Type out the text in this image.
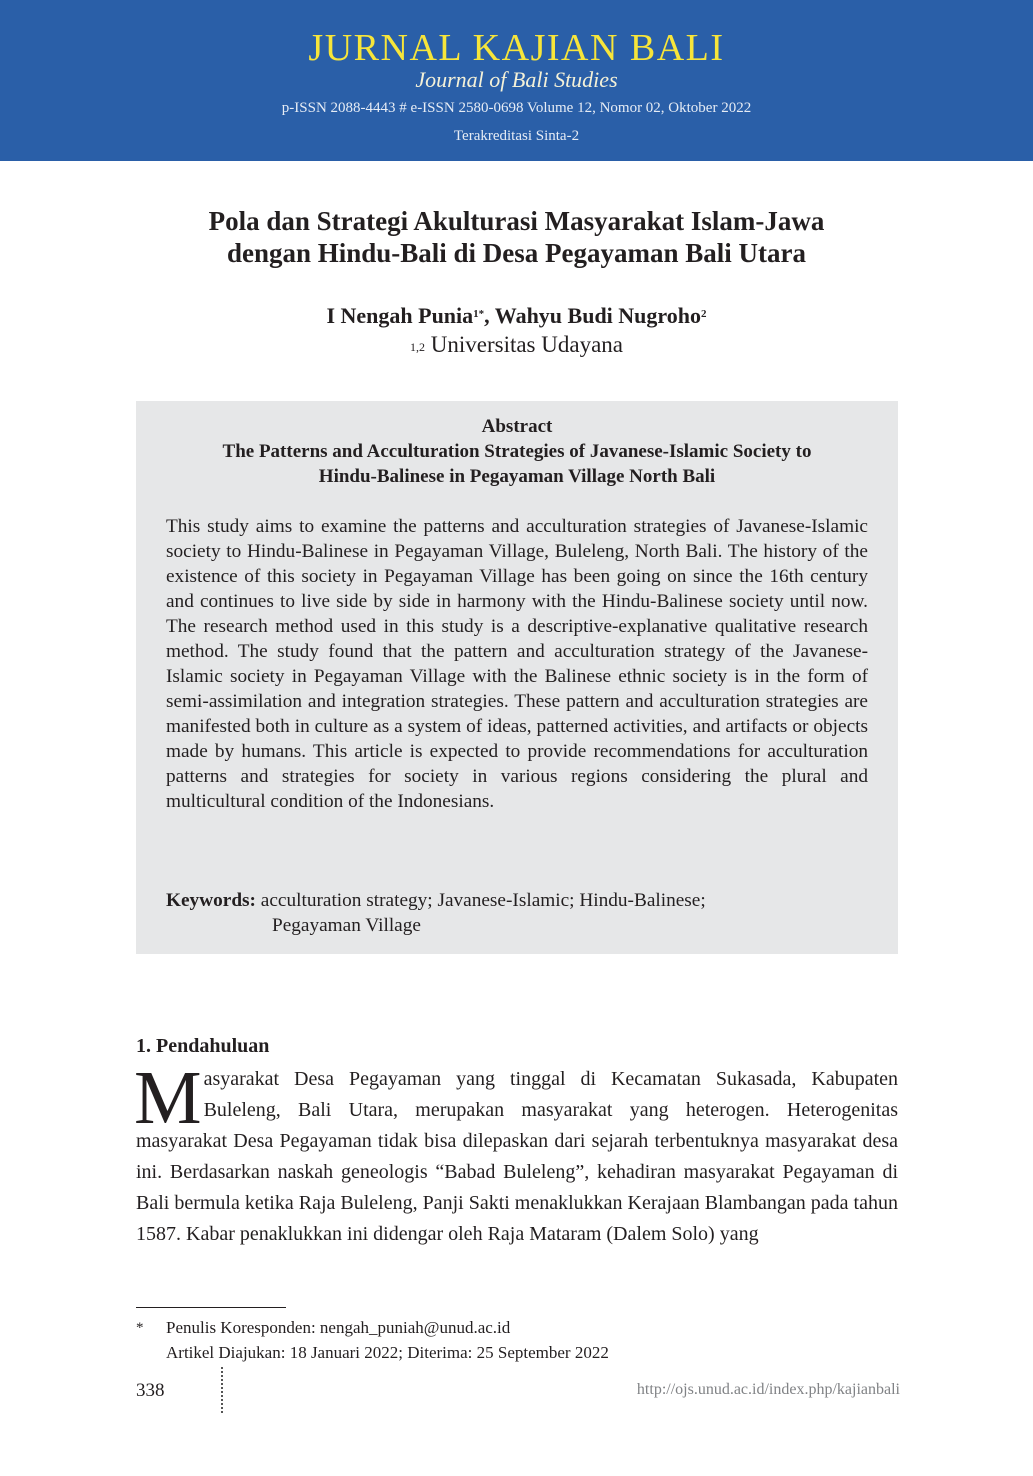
JURNAL KAJIAN BALI
Journal of Bali Studies
p-ISSN 2088-4443 # e-ISSN 2580-0698 Volume 12, Nomor 02, Oktober 2022
Terakreditasi Sinta-2
Pola dan Strategi Akulturasi Masyarakat Islam-Jawa
dengan Hindu-Bali di Desa Pegayaman Bali Utara
I Nengah Punia$^{1*}$, Wahyu Budi Nugroho$^2$
$^{1,2}$ Universitas Udayana
Abstract
The Patterns and Acculturation Strategies of Javanese-Islamic Society to
Hindu-Balinese in Pegayaman Village North Bali
This study aims to examine the patterns and acculturation strategies of Javanese-Islamic society to Hindu-Balinese in Pegayaman Village, Buleleng, North Bali. The history of the existence of this society in Pegayaman Village has been going on since the 16th century and continues to live side by side in harmony with the Hindu-Balinese society until now. The research method used in this study is a descriptive-explanative qualitative research method. The study found that the pattern and acculturation strategy of the Javanese-Islamic society in Pegayaman Village with the Balinese ethnic society is in the form of semi-assimilation and integration strategies. These pattern and acculturation strategies are manifested both in culture as a system of ideas, patterned activities, and artifacts or objects made by humans. This article is expected to provide recommendations for acculturation patterns and strategies for society in various regions considering the plural and multicultural condition of the Indonesians.
Keywords: acculturation strategy; Javanese-Islamic; Hindu-Balinese;
Pegayaman Village
1. Pendahuluan
Masyarakat Desa Pegayaman yang tinggal di Kecamatan Sukasada, Kabupaten Buleleng, Bali Utara, merupakan masyarakat yang heterogen. Heterogenitas masyarakat Desa Pegayaman tidak bisa dilepaskan dari sejarah terbentuknya masyarakat desa ini. Berdasarkan naskah geneologis “Babad Buleleng”, kehadiran masyarakat Pegayaman di Bali bermula ketika Raja Buleleng, Panji Sakti menaklukkan Kerajaan Blambangan pada tahun 1587. Kabar penaklukkan ini didengar oleh Raja Mataram (Dalem Solo) yang
* Penulis Koresponden: nengah_puniah@unud.ac.id
Artikel Diajukan: 18 Januari 2022; Diterima: 25 September 2022
338	http://ojs.unud.ac.id/index.php/kajianbali
